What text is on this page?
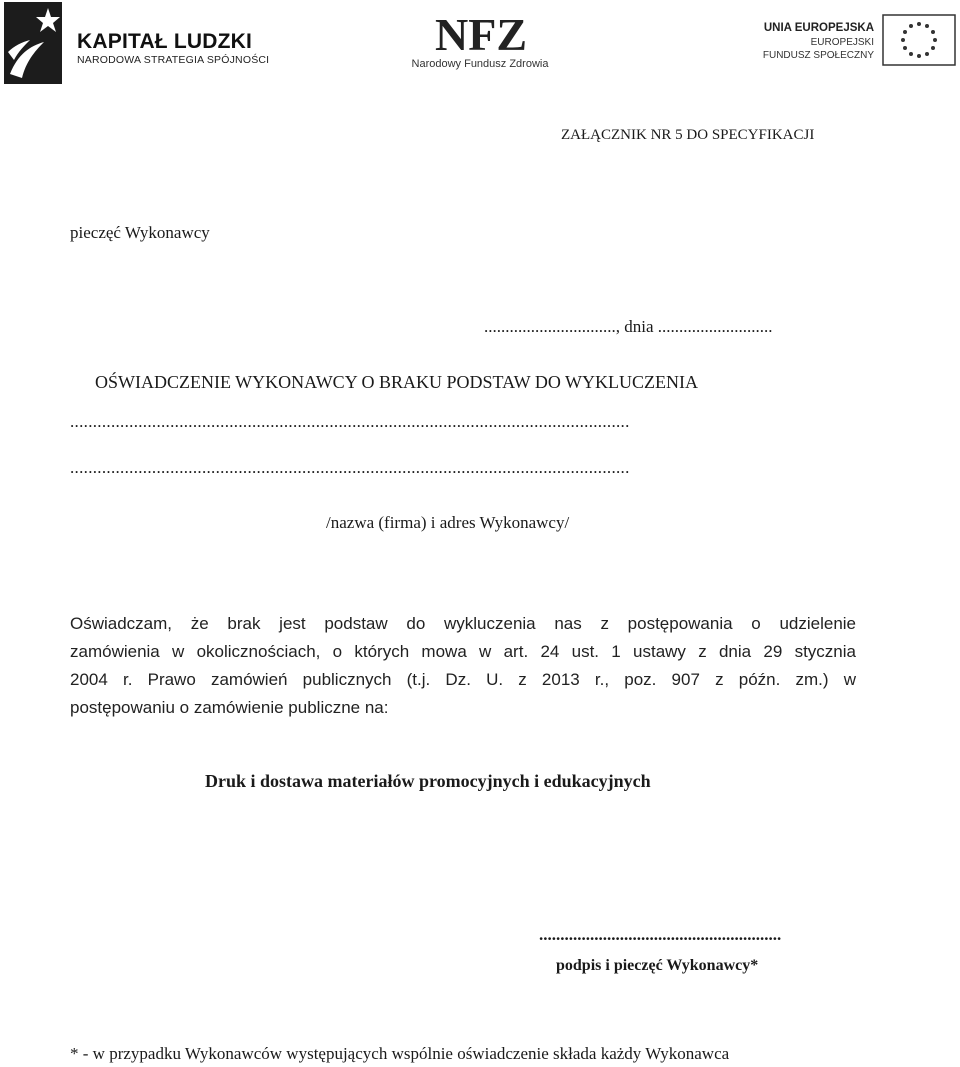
KAPITAŁ LUDZKI
NARODOWA STRATEGIA SPÓJNOŚCI	NFZ
Narodowy Fundusz Zdrowia
UNIA EUROPEJSKA
EUROPEJSKI
FUNDUSZ SPOŁECZNY
ZAŁĄCZNIK NR 5 DO SPECYFIKACJI
pieczęć Wykonawcy
..............................., dnia ...........................
OŚWIADCZENIE WYKONAWCY O BRAKU PODSTAW DO WYKLUCZENIA
...........................................................................................................................
...........................................................................................................................
/nazwa (firma) i adres Wykonawcy/
Oświadczam, że brak jest podstaw do wykluczenia nas z postępowania o udzielenie
zamówienia w okolicznościach, o których mowa w art. 24 ust. 1 ustawy z dnia 29 stycznia
2004 r. Prawo zamówień publicznych (t.j. Dz. U. z 2013 r., poz. 907 z późn. zm.) w
postępowaniu o zamówienie publiczne na:
Druk i dostawa materiałów promocyjnych i edukacyjnych
.........................................................
podpis i pieczęć Wykonawcy*
* - w przypadku Wykonawców występujących wspólnie oświadczenie składa każdy Wykonawca
